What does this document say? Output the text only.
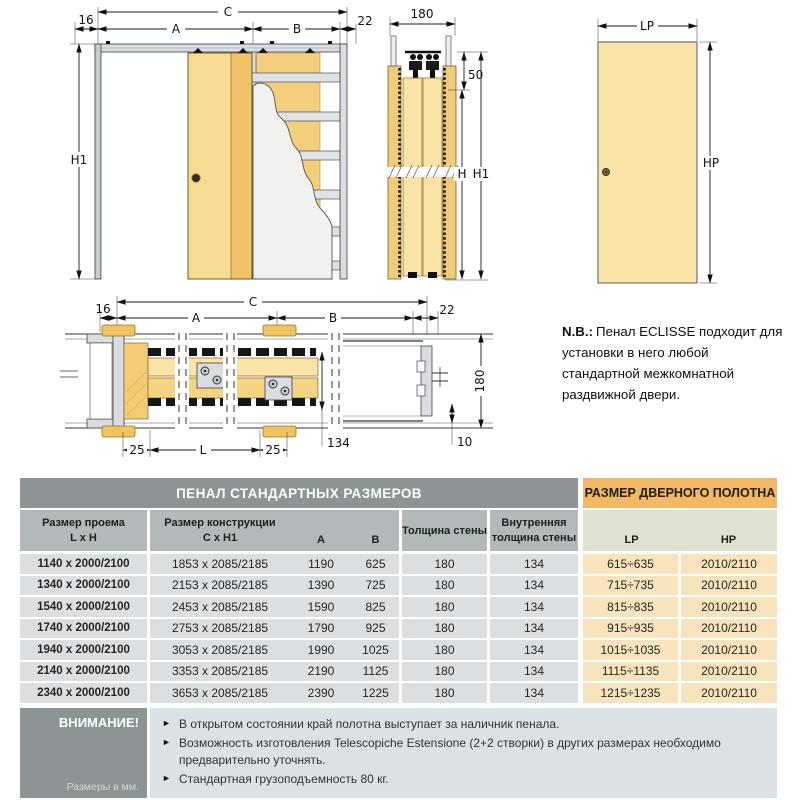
C
16
A	B
22
H1
180
50
H H1
LP
HP
C
16
A	B
22
134	10
180
25	L	25

N.B.: Пенал ECLISSE подходит для установки в него любой стандартной межкомнатной раздвижной двери.

ПЕНАЛ СТАНДАРТНЫХ РАЗМЕРОВ	РАЗМЕР ДВЕРНОГО ПОЛОТНА
Размер проема
L x H
Размер конструкции
C x H1	A	B
Толщина стены
Внутренняя
толщина стены	LP	HP
1140 x 2000/2100	1853 x 2085/2185	1190	625	180	134	615÷635	2010/2110
1340 x 2000/2100	2153 x 2085/2185	1390	725	180	134	715÷735	2010/2110
1540 x 2000/2100	2453 x 2085/2185	1590	825	180	134	815÷835	2010/2110
1740 x 2000/2100	2753 x 2085/2185	1790	925	180	134	915÷935	2010/2110
1940 x 2000/2100	3053 x 2085/2185	1990	1025	180	134	1015÷1035	2010/2110
2140 x 2000/2100	3353 x 2085/2185	2190	1125	180	134	1115÷1135	2010/2110
2340 x 2000/2100	3653 x 2085/2185	2390	1225	180	134	1215÷1235	2010/2110
ВНИМАНИЕ!
Размеры в мм.
► В открытом состоянии край полотна выступает за наличник пенала.
► Возможность изготовления Telescopiche Estensione (2+2 створки) в других размерах необходимо предварительно уточнять.
► Стандартная грузоподъемность 80 кг.
